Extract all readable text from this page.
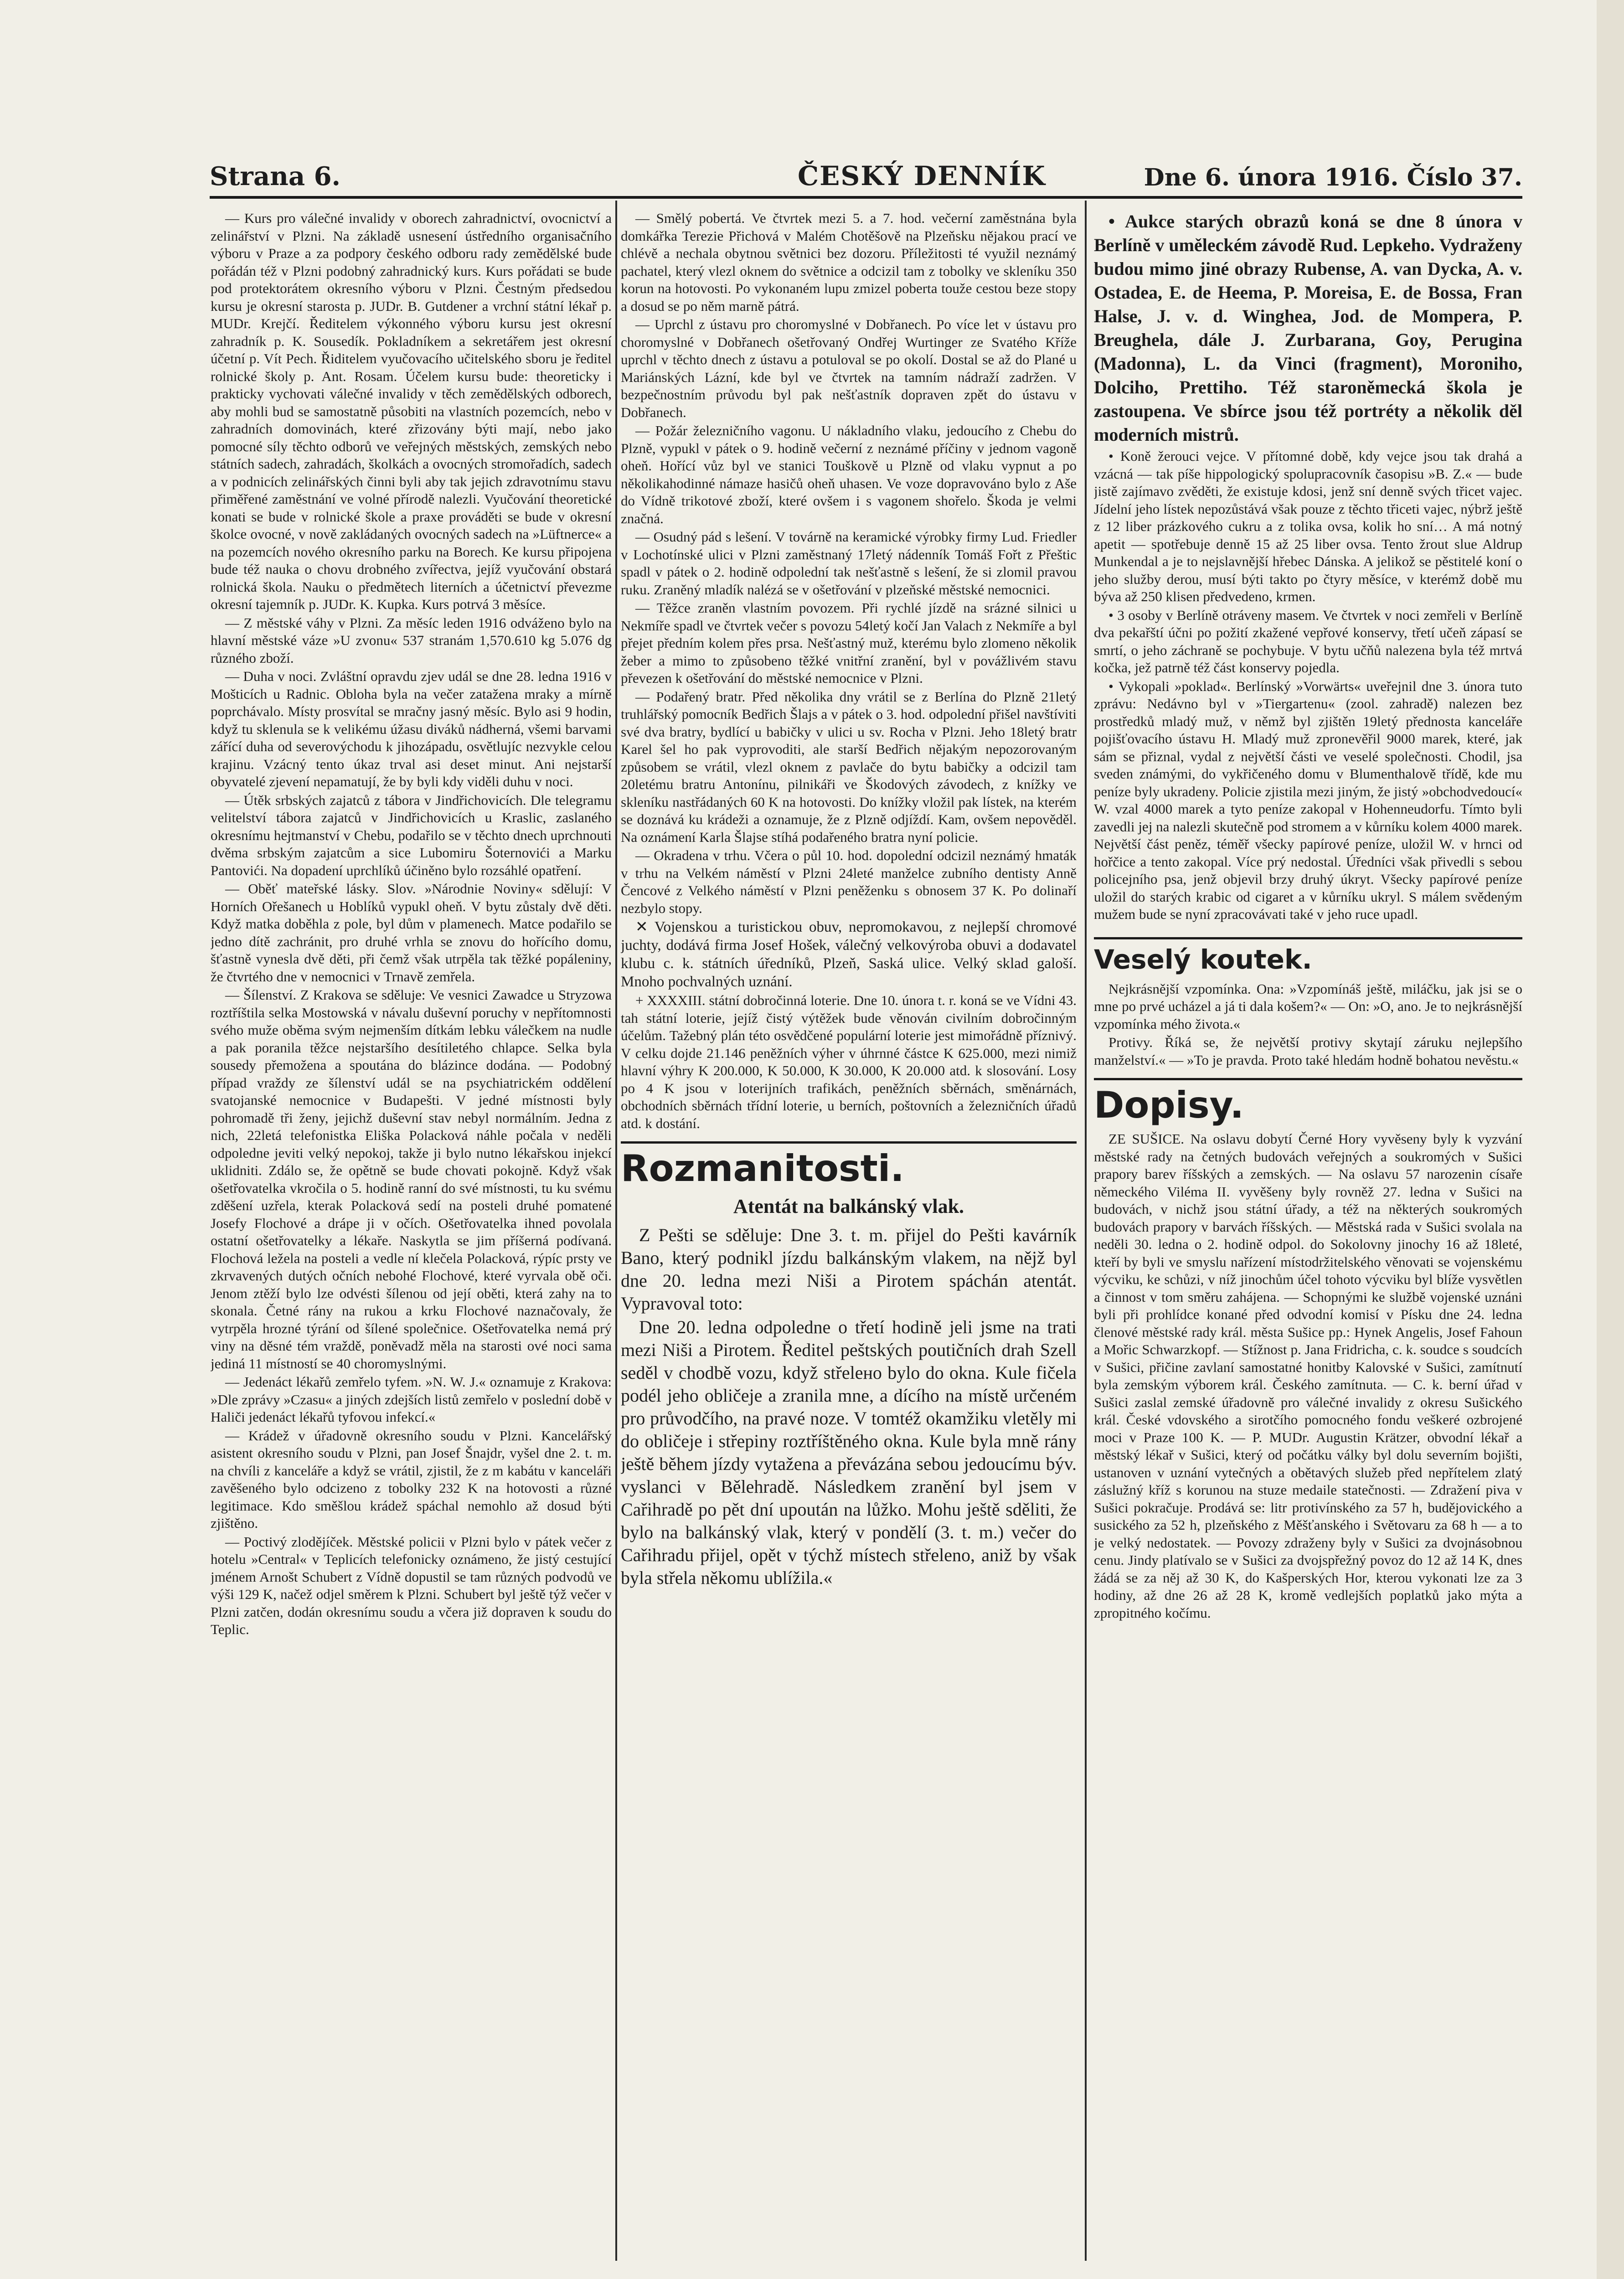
Strana 6.	ČESKÝ DENNÍK	Dne 6. února 1916. Číslo 37.

— Kurs pro válečné invalidy v oborech zahradnictví, ovocnictví a zelinářství v Plzni. Na základě usnesení ústředního organisačního výboru v Praze a za podpory českého odboru rady zemědělské bude pořádán též v Plzni podobný zahradnický kurs. Kurs pořádati se bude pod protektorátem okresního výboru v Plzni. Čestným předsedou kursu je okresní starosta p. JUDr. B. Gutdener a vrchní státní lékař p. MUDr. Krejčí. Ředitelem výkonného výboru kursu jest okresní zahradník p. K. Sousedík. Pokladníkem a sekretářem jest okresní účetní p. Vít Pech. Řiditelem vyučovacího učitelského sboru je ředitel rolnické školy p. Ant. Rosam. Účelem kursu bude: theoreticky i prakticky vychovati válečné invalidy v těch zemědělských odborech, aby mohli bud se samostatně působiti na vlastních pozemcích, nebo v zahradních domovinách, které zřizovány býti mají, nebo jako pomocné síly těchto odborů ve veřejných městských, zemských nebo státních sadech, zahradách, školkách a ovocných stromořadích, sadech a v podnicích zelinářských činni byli aby tak jejich zdravotnímu stavu přiměřené zaměstnání ve volné přírodě nalezli. Vyučování theoretické konati se bude v rolnické škole a praxe prováděti se bude v okresní školce ovocné, v nově zakládaných ovocných sadech na »Lüftnerce« a na pozemcích nového okresního parku na Borech. Ke kursu připojena bude též nauka o chovu drobného zvířectva, jejíž vyučování obstará rolnická škola. Nauku o předmětech literních a účetnictví převezme okresní tajemník p. JUDr. K. Kupka. Kurs potrvá 3 měsíce.

— Z městské váhy v Plzni. Za měsíc leden 1916 odváženo bylo na hlavní městské váze »U zvonu« 537 stranám 1,570.610 kg 5.076 dg různého zboží.

— Duha v noci. Zvláštní opravdu zjev udál se dne 28. ledna 1916 v Mošticích u Radnic. Obloha byla na večer zatažena mraky a mírně poprchávalo. Místy prosvítal se mračny jasný měsíc. Bylo asi 9 hodin, když tu sklenula se k velikému úžasu diváků nádherná, všemi barvami zářící duha od severovýchodu k jihozápadu, osvětlujíc nezvykle celou krajinu. Vzácný tento úkaz trval asi deset minut. Ani nejstarší obyvatelé zjevení nepamatují, že by byli kdy viděli duhu v noci.

— Útěk srbských zajatců z tábora v Jindřichovicích. Dle telegramu velitelství tábora zajatců v Jindřichovicích u Kraslic, zaslaného okresnímu hejtmanství v Chebu, podařilo se v těchto dnech uprchnouti dvěma srbským zajatcům a sice Lubomiru Šoternovići a Marku Pantovići. Na dopadení uprchlíků účiněno bylo rozsáhlé opatření.

— Oběť mateřské lásky. Slov. »Národnie Noviny« sdělují: V Horních Ořešanech u Hoblíků vypukl oheň. V bytu zůstaly dvě děti. Když matka doběhla z pole, byl dům v plamenech. Matce podařilo se jedno dítě zachránit, pro druhé vrhla se znovu do hořícího domu, šťastně vynesla dvě děti, při čemž však utrpěla tak těžké popáleniny, že čtvrtého dne v nemocnici v Trnavě zemřela.

— Šílenství. Z Krakova se sděluje: Ve vesnici Zawadce u Stryzowa roztříštila selka Mostowská v návalu duševní poruchy v nepřítomnosti svého muže oběma svým nejmenším dítkám lebku válečkem na nudle a pak poranila těžce nejstaršího desítiletého chlapce. Selka byla sousedy přemožena a spoutána do blázince dodána. — Podobný případ vraždy ze šílenství udál se na psychiatrickém oddělení svatojanské nemocnice v Budapešti. V jedné místnosti byly pohromadě tři ženy, jejichž duševní stav nebyl normálním. Jedna z nich, 22letá telefonistka Eliška Polacková náhle počala v neděli odpoledne jeviti velký nepokoj, takže ji bylo nutno lékařskou injekcí uklidniti. Zdálo se, že opětně se bude chovati pokojně. Když však ošetřovatelka vkročila o 5. hodině ranní do své místnosti, tu ku svému zděšení uzřela, kterak Polacková sedí na posteli druhé pomatené Josefy Flochové a drápe ji v očích. Ošetřovatelka ihned povolala ostatní ošetřovatelky a lékaře. Naskytla se jim příšerná podívaná. Flochová ležela na posteli a vedle ní klečela Polacková, rýpíc prsty ve zkrvavených dutých očních nebohé Flochové, které vyrvala obě oči. Jenom ztěží bylo lze odvésti šílenou od její oběti, která zahy na to skonala. Četné rány na rukou a krku Flochové naznačovaly, že vytrpěla hrozné týrání od šílené společnice. Ošetřovatelka nemá prý viny na děsné tém vraždě, poněvadž měla na starosti ové noci sama jediná 11 místností se 40 choromyslnými.

— Jedenáct lékařů zemřelo tyfem. »N. W. J.« oznamuje z Krakova: »Dle zprávy »Czasu« a jiných zdejších listů zemřelo v poslední době v Haliči jedenáct lékařů tyfovou infekcí.«

— Krádež v úřadovně okresního soudu v Plzni. Kancelářský asistent okresního soudu v Plzni, pan Josef Šnajdr, vyšel dne 2. t. m. na chvíli z kanceláře a když se vrátil, zjistil, že z m kabátu v kanceláři zavěšeného bylo odcizeno z tobolky 232 K na hotovosti a různé legitimace. Kdo směšlou krádež spáchal nemohlo až dosud býti zjištěno.

— Poctivý zlodějíček. Městské policii v Plzni bylo v pátek večer z hotelu »Central« v Teplicích telefonicky oznámeno, že jistý cestující jménem Arnošt Schubert z Vídně dopustil se tam různých podvodů ve výši 129 K, načež odjel směrem k Plzni. Schubert byl ještě týž večer v Plzni zatčen, dodán okresnímu soudu a včera již dopraven k soudu do Teplic.

— Smělý pobertá. Ve čtvrtek mezi 5. a 7. hod. večerní zaměstnána byla domkářka Terezie Přichová v Malém Chotěšově na Plzeňsku nějakou prací ve chlévě a nechala obytnou světnici bez dozoru. Příležitosti té využil neznámý pachatel, který vlezl oknem do světnice a odcizil tam z tobolky ve skleníku 350 korun na hotovosti. Po vykonaném lupu zmizel poberta touže cestou beze stopy a dosud se po něm marně pátrá.

— Uprchl z ústavu pro choromyslné v Dobřanech. Po více let v ústavu pro choromyslné v Dobřanech ošetřovaný Ondřej Wurtinger ze Svatého Kříže uprchl v těchto dnech z ústavu a potuloval se po okolí. Dostal se až do Plané u Mariánských Lázní, kde byl ve čtvrtek na tamním nádraží zadržen. V bezpečnostním průvodu byl pak nešťastník dopraven zpět do ústavu v Dobřanech.

— Požár železničního vagonu. U nákladního vlaku, jedoucího z Chebu do Plzně, vypukl v pátek o 9. hodině večerní z neznámé příčiny v jednom vagoně oheň. Hořící vůz byl ve stanici Touškově u Plzně od vlaku vypnut a po několikahodinné námaze hasičů oheň uhasen. Ve voze dopravováno bylo z Aše do Vídně trikotové zboží, které ovšem i s vagonem shořelo. Škoda je velmi značná.

— Osudný pád s lešení. V továrně na keramické výrobky firmy Lud. Friedler v Lochotínské ulici v Plzni zaměstnaný 17letý nádenník Tomáš Fořt z Přeštic spadl v pátek o 2. hodině odpolední tak nešťastně s lešení, že si zlomil pravou ruku. Zraněný mladík nalézá se v ošetřování v plzeňské městské nemocnici.

— Těžce zraněn vlastním povozem. Při rychlé jízdě na srázné silnici u Nekmíře spadl ve čtvrtek večer s povozu 54letý kočí Jan Valach z Nekmíře a byl přejet předním kolem přes prsa. Nešťastný muž, kterému bylo zlomeno několik žeber a mimo to způsobeno těžké vnitřní zranění, byl v povážlivém stavu převezen k ošetřování do městské nemocnice v Plzni.

— Podařený bratr. Před několika dny vrátil se z Berlína do Plzně 21letý truhlářský pomocník Bedřich Šlajs a v pátek o 3. hod. odpolední přišel navštíviti své dva bratry, bydlící u babičky v ulici u sv. Rocha v Plzni. Jeho 18letý bratr Karel šel ho pak vyprovoditi, ale starší Bedřich nějakým nepozorovaným způsobem se vrátil, vlezl oknem z pavlače do bytu babičky a odcizil tam 20letému bratru Antonínu, pilnikáři ve Škodových závodech, z knížky ve skleníku nastřádaných 60 K na hotovosti. Do knížky vložil pak lístek, na kterém se doznává ku krádeži a oznamuje, že z Plzně odjíždí. Kam, ovšem nepověděl. Na oznámení Karla Šlajse stíhá podařeného bratra nyní policie.

— Okradena v trhu. Včera o půl 10. hod. dopolední odcizil neznámý hmaták v trhu na Velkém náměstí v Plzni 24leté manželce zubního dentisty Anně Čencové z Velkého náměstí v Plzni peněženku s obnosem 37 K. Po dolinaří nezbylo stopy.

✕ Vojenskou a turistickou obuv, nepromokavou, z nejlepší chromové juchty, dodává firma Josef Hošek, válečný velkovýroba obuvi a dodavatel klubu c. k. státních úředníků, Plzeň, Saská ulice. Velký sklad galoší. Mnoho pochvalných uznání.

+ XXXXIII. státní dobročinná loterie. Dne 10. února t. r. koná se ve Vídni 43. tah státní loterie, jejíž čistý výtěžek bude věnován civilním dobročinným účelům. Tažebný plán této osvědčené populární loterie jest mimořádně příznivý. V celku dojde 21.146 peněžních výher v úhrnné částce K 625.000, mezi nimiž hlavní výhry K 200.000, K 50.000, K 30.000, K 20.000 atd. k slosování. Losy po 4 K jsou v loterijních trafikách, peněžních sběrnách, směnárnách, obchodních sběrnách třídní loterie, u berních, poštovních a železničních úřadů atd. k dostání.

Rozmanitosti.
Atentát na balkánský vlak.

Z Pešti se sděluje: Dne 3. t. m. přijel do Pešti kavárník Bano, který podnikl jízdu balkánským vlakem, na nějž byl dne 20. ledna mezi Niši a Pirotem spáchán atentát. Vypravoval toto:

Dne 20. ledna odpoledne o třetí hodině jeli jsme na trati mezi Niši a Pirotem. Ředitel peštských poutičních drah Szell seděl v chodbě vozu, když střelено bylo do okna. Kule fičela podél jeho obličeje a zranila mne, a dícího na místě určeném pro průvodčího, na pravé noze. V tomtéž okamžiku vletěly mi do obličeje i střepiny roztříštěného okna. Kule byla mně rány ještě během jízdy vytažena a převázána sebou jedoucímu býv. vyslanci v Bělehradě. Následkem zranění byl jsem v Cařihradě po pět dní upoután na lůžko. Mohu ještě sděliti, že bylo na balkánský vlak, který v pondělí (3. t. m.) večer do Cařihradu přijel, opět v týchž místech střeleno, aniž by však byla střela někomu ublížila.«

• Aukce starých obrazů koná se dne 8 února v Berlíně v uměleckém závodě Rud. Lepkeho. Vydraženy budou mimo jiné obrazy Rubense, A. van Dycka, A. v. Ostadea, E. de Heema, P. Moreisa, E. de Bossa, Fran Halse, J. v. d. Winghea, Jod. de Mompera, P. Breughela, dále J. Zurbarana, Goy, Perugina (Madonna), L. da Vinci (fragment), Moroniho, Dolciho, Prettiho. Též staroněmecká škola je zastoupena. Ve sbírce jsou též portréty a několik děl moderních mistrů.

• Koně žerouci vejce. V přítomné době, kdy vejce jsou tak drahá a vzácná — tak píše hippologický spolupracovník časopisu »B. Z.« — bude jistě zajímavo zvěděti, že existuje kdosi, jenž sní denně svých třicet vajec. Jídelní jeho lístek nepozůstává však pouze z těchto třiceti vajec, nýbrž ještě z 12 liber prázkového cukru a z tolika ovsa, kolik ho sní… A má notný apetit — spotřebuje denně 15 až 25 liber ovsa. Tento žrout slue Aldrup Munkendal a je to nejslavnější hřebec Dánska. A jelikož se pěstitelé koní o jeho služby derou, musí býti takto po čtyry měsíce, v kterémž době mu býva až 250 klisen předvedeno, krmen.

• 3 osoby v Berlíně otráveny masem. Ve čtvrtek v noci zemřeli v Berlíně dva pekařští účni po požití zkažené vepřové konservy, třetí učeň zápasí se smrtí, o jeho záchraně se pochybuje. V bytu učňů nalezena byla též mrtvá kočka, jež patrně též část konservy pojedla.

• Vykopali »poklad«. Berlínský »Vorwärts« uveřejnil dne 3. února tuto zprávu: Nedávno byl v »Tiergartenu« (zool. zahradě) nalezen bez prostředků mladý muž, v němž byl zjištěn 19letý přednosta kanceláře pojišťovacího ústavu H. Mladý muž zpronevěřil 9000 marek, které, jak sám se přiznal, vydal z největší části ve veselé společnosti. Chodil, jsa sveden známými, do vykřičeného domu v Blumenthalově třídě, kde mu peníze byly ukradeny. Policie zjistila mezi jiným, že jistý »obchodvedoucí« W. vzal 4000 marek a tyto peníze zakopal v Hohenneudorfu. Tímto byli zavedli jej na nalezli skutečně pod stromem a v kůrníku kolem 4000 marek. Největší část peněz, téměř všecky papírové peníze, uložil W. v hrnci od hořčice a tento zakopal. Více prý nedostal. Úředníci však přivedli s sebou policejního psa, jenž objevil brzy druhý úkryt. Všecky papírové peníze uložil do starých krabic od cigaret a v kůrníku ukryl. S málem svědeným mužem bude se nyní zpracovávati také v jeho ruce upadl.

Veselý koutek.

Nejkrásnější vzpomínka. Ona: »Vzpomínáš ještě, miláčku, jak jsi se o mne po prvé ucházel a já ti dala košem?« — On: »O, ano. Je to nejkrásnější vzpomínka mého života.«

Protivy. Říká se, že největší protivy skytají záruku nejlepšího manželství.« — »To je pravda. Proto také hledám hodně bohatou nevěstu.«

Dopisy.

ZE SUŠICE. Na oslavu dobytí Černé Hory vyvěseny byly k vyzvání městské rady na četných budovách veřejných a soukromých v Sušici prapory barev říšských a zemských. — Na oslavu 57 narozenin císaře německého Viléma II. vyvěšeny byly rovněž 27. ledna v Sušici na budovách, v nichž jsou státní úřady, a též na některých soukromých budovách prapory v barvách říšských. — Městská rada v Sušici svolala na neděli 30. ledna o 2. hodině odpol. do Sokolovny jinochy 16 až 18leté, kteří by byli ve smyslu nařízení místodržitelského věnovati se vojenskému výcviku, ke schůzi, v níž jinochům účel tohoto výcviku byl blíže vysvětlen a činnost v tom směru zahájena. — Schopnými ke službě vojenské uznáni byli při prohlídce konané před odvodní komisí v Písku dne 24. ledna členové městské rady král. města Sušice pp.: Hynek Angelis, Josef Fahoun a Mořic Schwarzkopf. — Stížnost p. Jana Fridricha, c. k. soudce s soudcích v Sušici, přičine zavlaní samostatné honitby Kalovské v Sušici, zamítnutí byla zemským výborem král. Českého zamítnuta. — C. k. berní úřad v Sušici zaslal zemské úřadovně pro válečné invalidy z okresu Sušického král. České vdovského a sirotčího pomocného fondu veškeré ozbrojené moci v Praze 100 K. — P. MUDr. Augustin Krätzer, obvodní lékař a městský lékař v Sušici, který od počátku války byl dolu severním bojišti, ustanoven v uznání vytečných a obětavých služeb před nepřítelem zlatý záslužný kříž s korunou na stuze medaile statečnosti. — Zdražení piva v Sušici pokračuje. Prodává se: litr protivínského za 57 h, budějovického a susického za 52 h, plzeňského z Měšťanského i Světovaru za 68 h — a to je velký nedostatek. — Povozy zdraženy byly v Sušici za dvojnásobnou cenu. Jindy platívalo se v Sušici za dvojspřežný povoz do 12 až 14 K, dnes žádá se za něj až 30 K, do Kašperských Hor, kterou vykonati lze za 3 hodiny, až dne 26 až 28 K, kromě vedlejších poplatků jako mýta a zpropitného kočímu.
